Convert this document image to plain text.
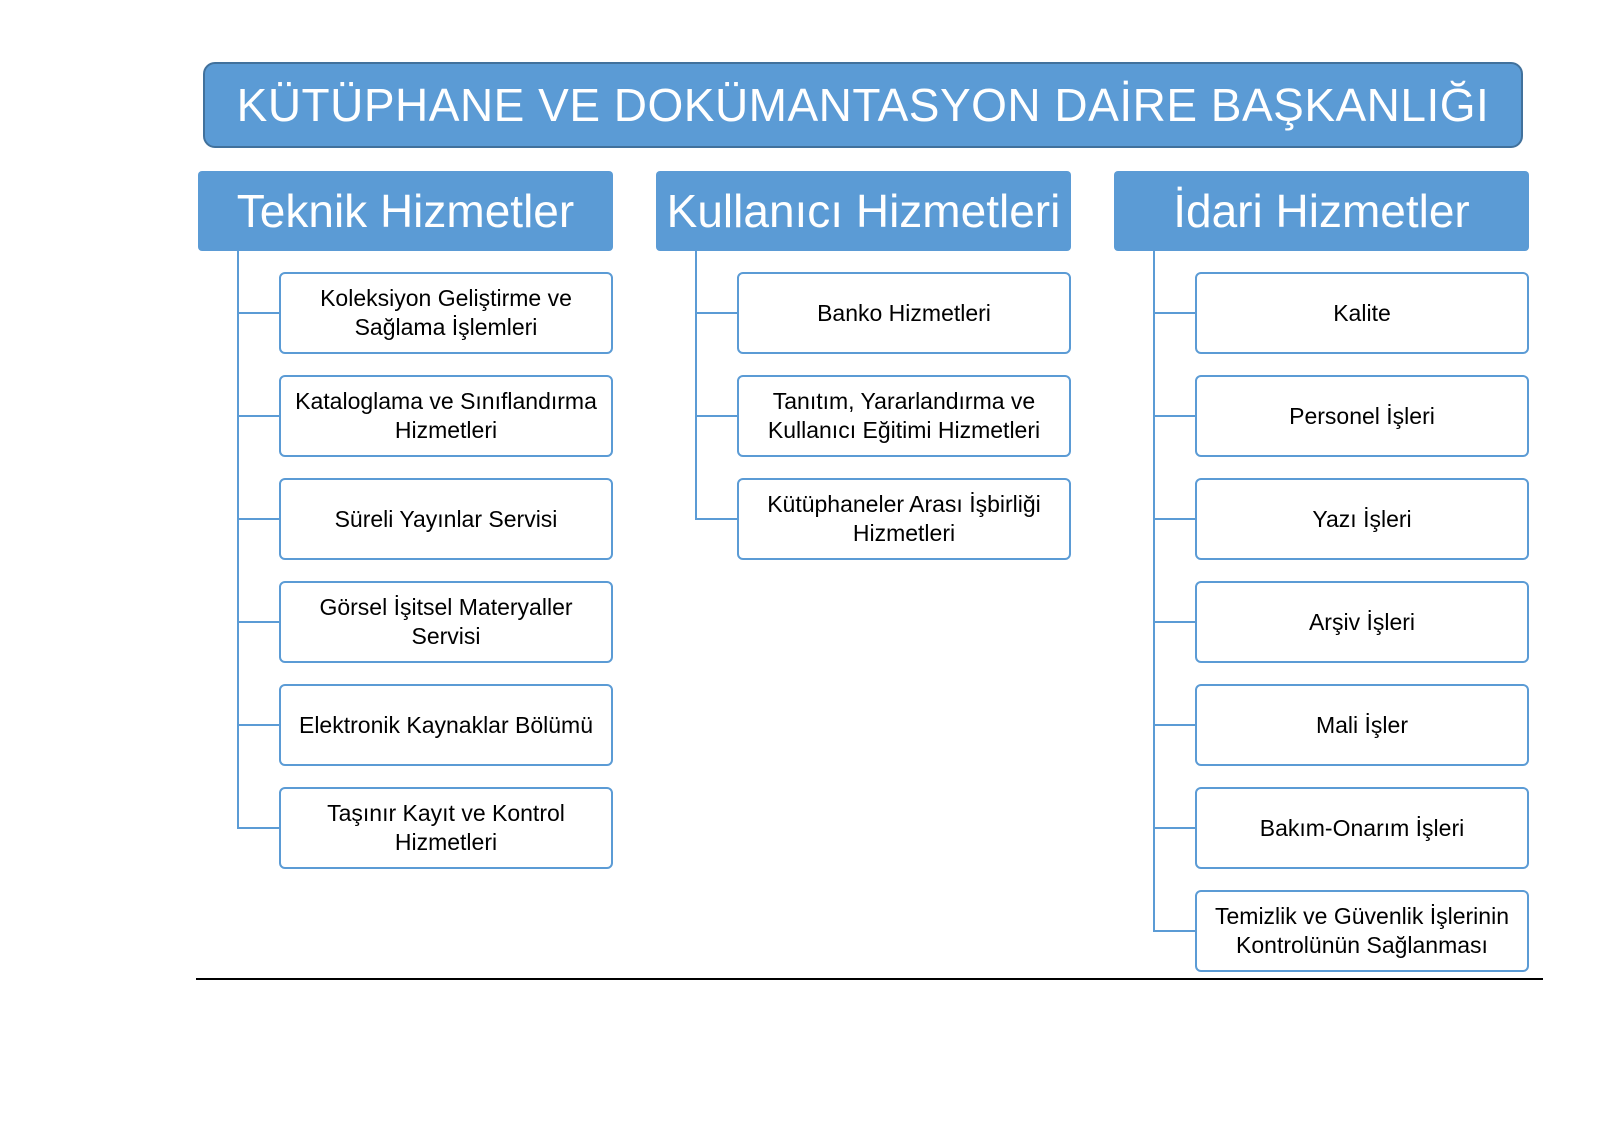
KÜTÜPHANE VE DOKÜMANTASYON DAİRE BAŞKANLIĞI
Teknik Hizmetler
Koleksiyon Geliştirme ve Sağlama İşlemleri
Kataloglama ve Sınıflandırma Hizmetleri
Süreli Yayınlar Servisi
Görsel İşitsel Materyaller Servisi
Elektronik Kaynaklar Bölümü
Taşınır Kayıt ve Kontrol Hizmetleri
Kullanıcı Hizmetleri
Banko Hizmetleri
Tanıtım, Yararlandırma ve Kullanıcı Eğitimi Hizmetleri
Kütüphaneler Arası İşbirliği Hizmetleri
İdari Hizmetler
Kalite
Personel İşleri
Yazı İşleri
Arşiv İşleri
Mali İşler
Bakım-Onarım İşleri
Temizlik ve Güvenlik İşlerinin Kontrolünün Sağlanması
